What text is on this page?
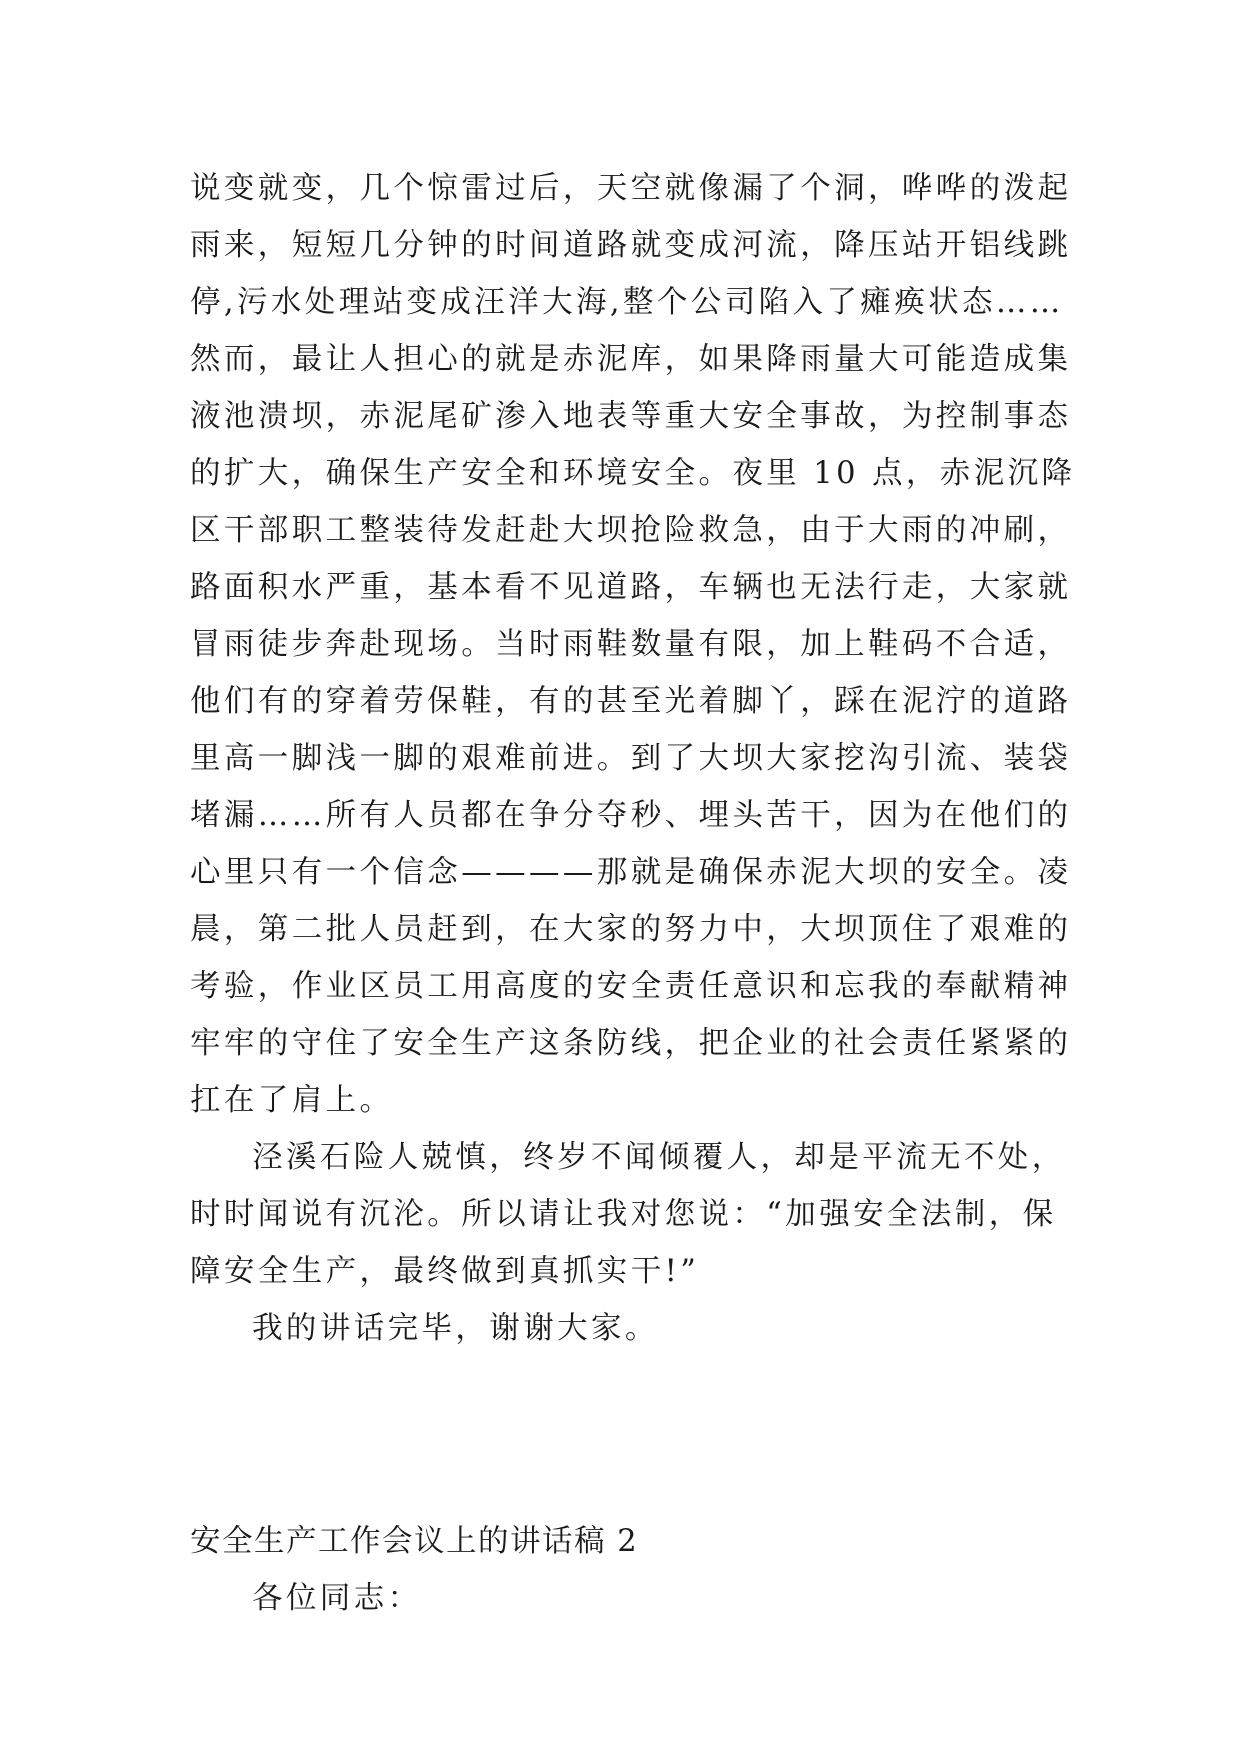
说变就变，几个惊雷过后，天空就像漏了个洞，哗哗的泼起
雨来，短短几分钟的时间道路就变成河流，降压站开铝线跳
停,污水处理站变成汪洋大海,整个公司陷入了瘫痪状态……
然而，最让人担心的就是赤泥库，如果降雨量大可能造成集
液池溃坝，赤泥尾矿渗入地表等重大安全事故，为控制事态
的扩大，确保生产安全和环境安全。夜里 10 点，赤泥沉降
区干部职工整装待发赶赴大坝抢险救急，由于大雨的冲刷，
路面积水严重，基本看不见道路，车辆也无法行走，大家就
冒雨徒步奔赴现场。当时雨鞋数量有限，加上鞋码不合适，
他们有的穿着劳保鞋，有的甚至光着脚丫，踩在泥泞的道路
里高一脚浅一脚的艰难前进。到了大坝大家挖沟引流、装袋
堵漏……所有人员都在争分夺秒、埋头苦干，因为在他们的
心里只有一个信念————那就是确保赤泥大坝的安全。凌
晨，第二批人员赶到，在大家的努力中，大坝顶住了艰难的
考验，作业区员工用高度的安全责任意识和忘我的奉献精神
牢牢的守住了安全生产这条防线，把企业的社会责任紧紧的
扛在了肩上。

泾溪石险人兢慎，终岁不闻倾覆人，却是平流无不处，
时时闻说有沉沦。所以请让我对您说：“加强安全法制，保
障安全生产，最终做到真抓实干!”

我的讲话完毕，谢谢大家。

安全生产工作会议上的讲话稿 2

各位同志：
